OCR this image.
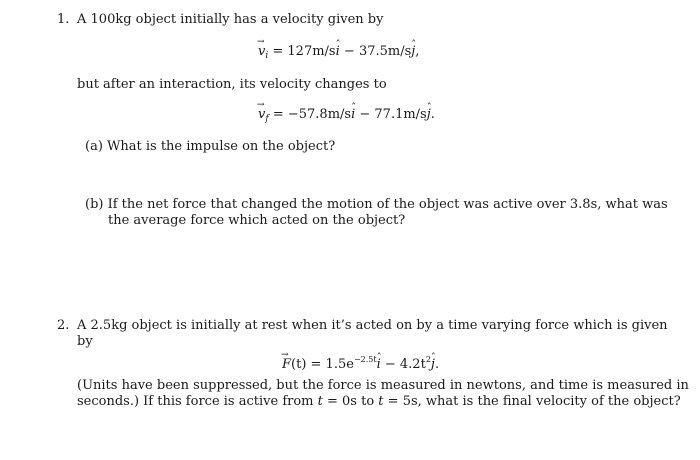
1. A 100kg object initially has a velocity given by
→ $v_i = 127m/si$ ˆ − 37.5m/sj ˆ,
but after an interaction, its velocity changes to
→ $v_f = -57.8m/si$ ˆ − 77.1m/sj ˆ.
(a) What is the impulse on the object?
(b) If the net force that changed the motion of the object was active over 3.8s, what was
the average force which acted on the object?
2. A 2.5kg object is initially at rest when it’s acted on by a time varying force which is given
by
→ $F(t) = 1.5e^{-2.5t}i$ ˆ − $4.2t^2j$ ˆ.
(Units have been suppressed, but the force is measured in newtons, and time is measured in
seconds.) If this force is active from t = 0s to t = 5s, what is the final velocity of the object?
